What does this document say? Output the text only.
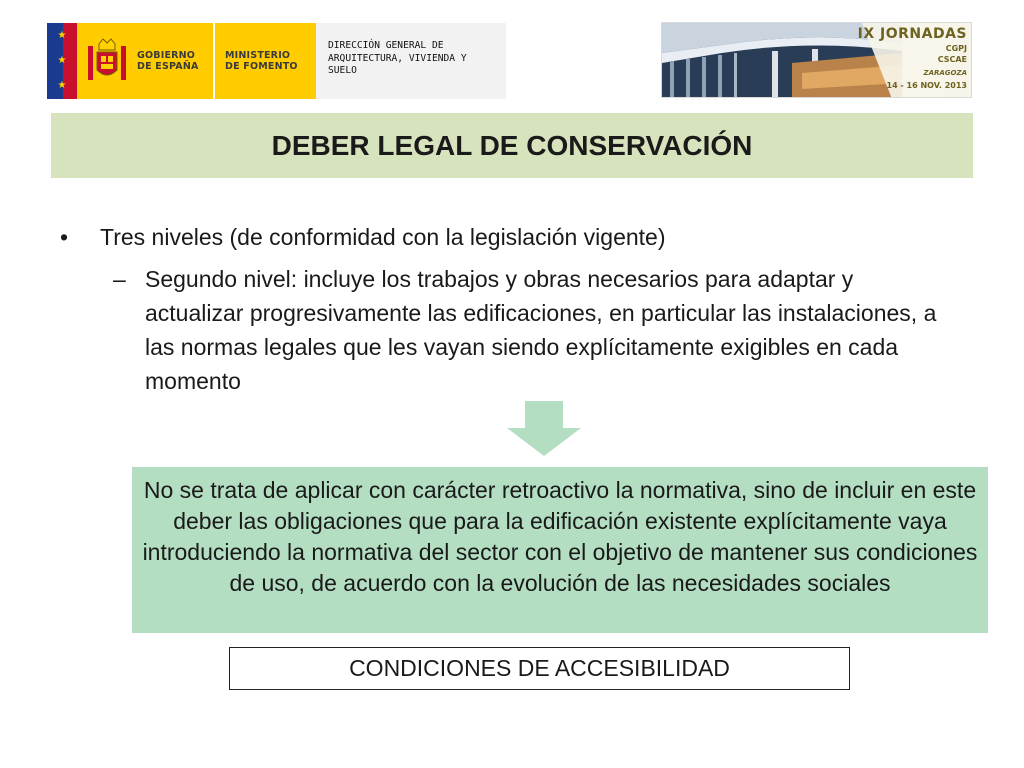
★
★
★
GOBIERNO
DE ESPAÑA
MINISTERIO
DE FOMENTO
DIRECCIÓN GENERAL DE
ARQUITECTURA, VIVIENDA Y
SUELO
IX JORNADAS
CGPJ
CSCAE
ZARAGOZA
14 - 16 NOV. 2013
DEBER LEGAL DE CONSERVACIÓN
•	Tres niveles (de conformidad con la legislación vigente)
– Segundo nivel: incluye los trabajos y obras necesarios para adaptar y actualizar progresivamente las edificaciones, en particular las instalaciones, a las normas legales que les vayan siendo explícitamente exigibles en cada momento
No se trata de aplicar con carácter retroactivo la normativa, sino de incluir en este deber las obligaciones que para la edificación existente explícitamente vaya introduciendo la normativa del sector con el objetivo de mantener sus condiciones de uso, de acuerdo con la evolución de las necesidades sociales
CONDICIONES DE ACCESIBILIDAD
